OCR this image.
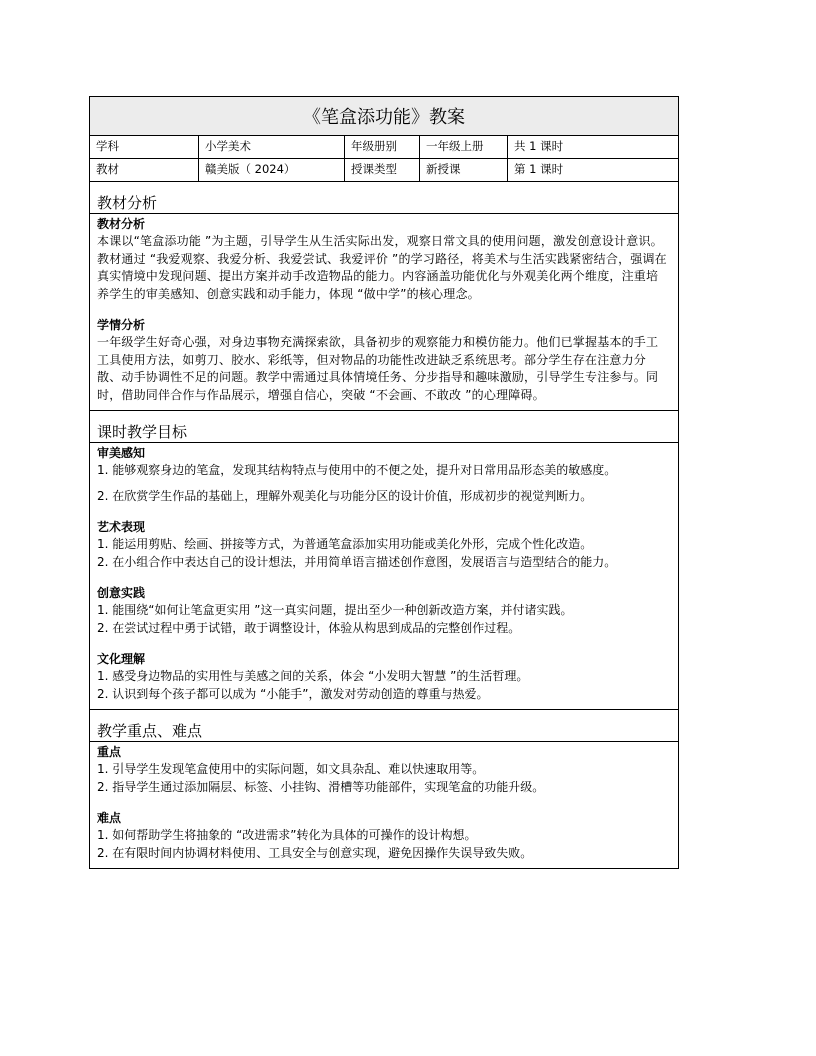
《笔盒添功能》教案
学科	小学美术	年级册别	一年级上册	共 1 课时
教材	赣美版（ 2024）	授课类型	新授课	第 1 课时
教材分析
教材分析
本课以“笔盒添功能 ”为主题，引导学生从生活实际出发，观察日常文具的使用问题，激发创意设计意识。教材通过 “我爱观察、我爱分析、我爱尝试、我爱评价 ”的学习路径，将美术与生活实践紧密结合，强调在真实情境中发现问题、提出方案并动手改造物品的能力。内容涵盖功能优化与外观美化两个维度，注重培养学生的审美感知、创意实践和动手能力，体现 “做中学”的核心理念。
学情分析
一年级学生好奇心强，对身边事物充满探索欲，具备初步的观察能力和模仿能力。他们已掌握基本的手工工具使用方法，如剪刀、胶水、彩纸等，但对物品的功能性改进缺乏系统思考。部分学生存在注意力分散、动手协调性不足的问题。教学中需通过具体情境任务、分步指导和趣味激励，引导学生专注参与。同时，借助同伴合作与作品展示，增强自信心，突破 “不会画、不敢改 ”的心理障碍。
课时教学目标
审美感知
1. 能够观察身边的笔盒，发现其结构特点与使用中的不便之处，提升对日常用品形态美的敏感度。
2. 在欣赏学生作品的基础上，理解外观美化与功能分区的设计价值，形成初步的视觉判断力。
艺术表现
1. 能运用剪贴、绘画、拼接等方式，为普通笔盒添加实用功能或美化外形，完成个性化改造。
2. 在小组合作中表达自己的设计想法，并用简单语言描述创作意图，发展语言与造型结合的能力。
创意实践
1. 能围绕“如何让笔盒更实用 ”这一真实问题，提出至少一种创新改造方案，并付诸实践。
2. 在尝试过程中勇于试错，敢于调整设计，体验从构思到成品的完整创作过程。
文化理解
1. 感受身边物品的实用性与美感之间的关系，体会 “小发明大智慧 ”的生活哲理。
2. 认识到每个孩子都可以成为 “小能手”，激发对劳动创造的尊重与热爱。
教学重点、难点
重点
1. 引导学生发现笔盒使用中的实际问题，如文具杂乱、难以快速取用等。
2. 指导学生通过添加隔层、标签、小挂钩、滑槽等功能部件，实现笔盒的功能升级。
难点
1. 如何帮助学生将抽象的 “改进需求”转化为具体的可操作的设计构想。
2. 在有限时间内协调材料使用、工具安全与创意实现，避免因操作失误导致失败。
